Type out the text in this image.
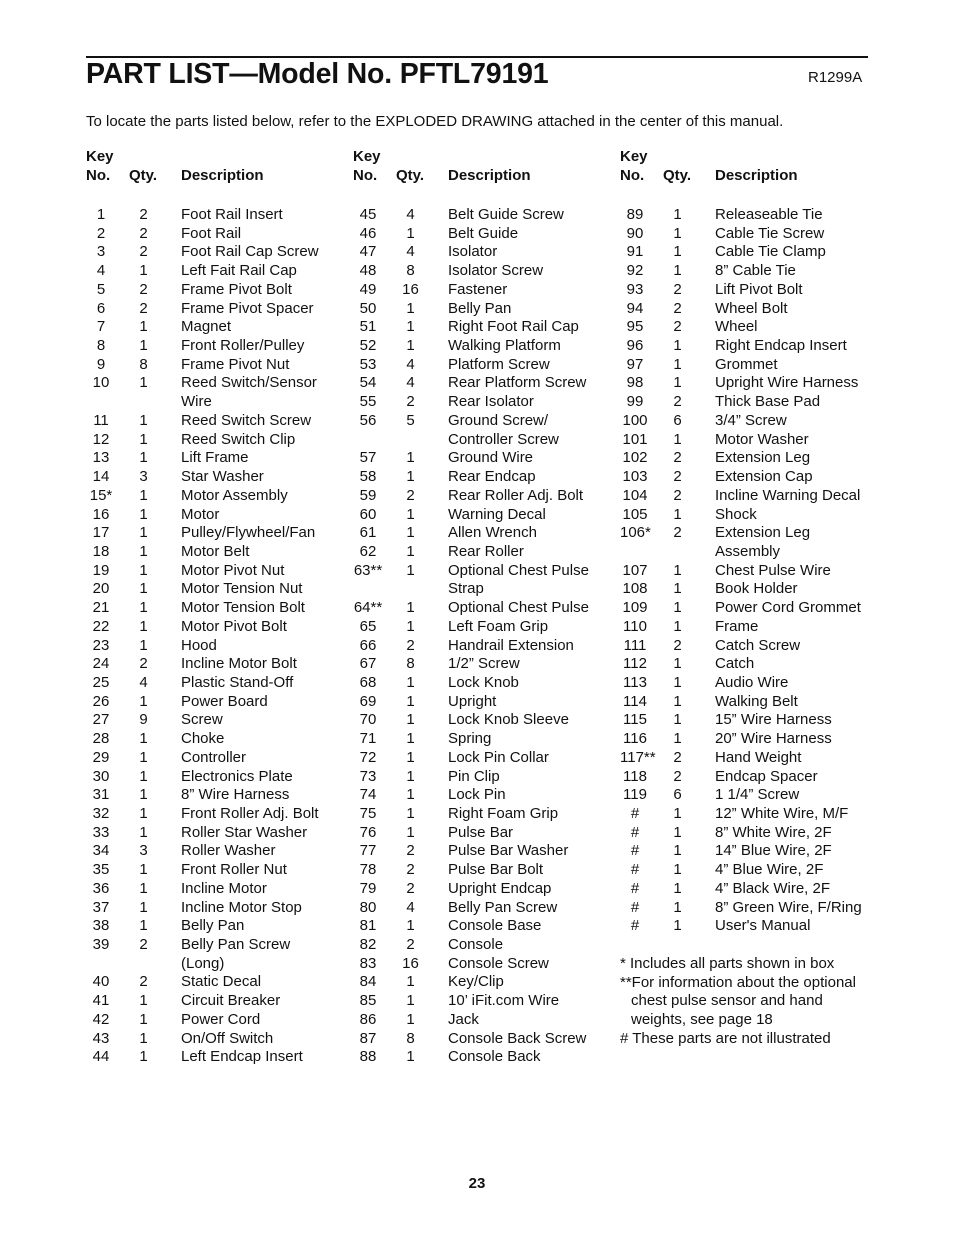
PART LIST—Model No. PFTL79191	R1299A
To locate the parts listed below, refer to the EXPLODED DRAWING attached in the center of this manual.
Key
No. Qty. Description
1	2	Foot Rail Insert
2	2	Foot Rail
3	2	Foot Rail Cap Screw
4	1	Left Fait Rail Cap
5	2	Frame Pivot Bolt
6	2	Frame Pivot Spacer
7	1	Magnet
8	1	Front Roller/Pulley
9	8	Frame Pivot Nut
10	1	Reed Switch/Sensor
Wire
11	1	Reed Switch Screw
12	1	Reed Switch Clip
13	1	Lift Frame
14	3	Star Washer
15*	1	Motor Assembly
16	1	Motor
17	1	Pulley/Flywheel/Fan
18	1	Motor Belt
19	1	Motor Pivot Nut
20	1	Motor Tension Nut
21	1	Motor Tension Bolt
22	1	Motor Pivot Bolt
23	1	Hood
24	2	Incline Motor Bolt
25	4	Plastic Stand-Off
26	1	Power Board
27	9	Screw
28	1	Choke
29	1	Controller
30	1	Electronics Plate
31	1	8” Wire Harness
32	1	Front Roller Adj. Bolt
33	1	Roller Star Washer
34	3	Roller Washer
35	1	Front Roller Nut
36	1	Incline Motor
37	1	Incline Motor Stop
38	1	Belly Pan
39	2	Belly Pan Screw
(Long)
40	2	Static Decal
41	1	Circuit Breaker
42	1	Power Cord
43	1	On/Off Switch
44	1	Left Endcap Insert
Key
No. Qty. Description
45	4	Belt Guide Screw
46	1	Belt Guide
47	4	Isolator
48	8	Isolator Screw
49	16 Fastener
50	1	Belly Pan
51	1	Right Foot Rail Cap
52	1	Walking Platform
53	4	Platform Screw
54	4	Rear Platform Screw
55	2	Rear Isolator
56	5	Ground Screw/
Controller Screw
57	1	Ground Wire
58	1	Rear Endcap
59	2	Rear Roller Adj. Bolt
60	1	Warning Decal
61	1	Allen Wrench
62	1	Rear Roller
63**	1	Optional Chest Pulse
Strap
64**	1	Optional Chest Pulse
65	1	Left Foam Grip
66	2	Handrail Extension
67	8	1/2” Screw
68	1	Lock Knob
69	1	Upright
70	1	Lock Knob Sleeve
71	1	Spring
72	1	Lock Pin Collar
73	1	Pin Clip
74	1	Lock Pin
75	1	Right Foam Grip
76	1	Pulse Bar
77	2	Pulse Bar Washer
78	2	Pulse Bar Bolt
79	2	Upright Endcap
80	4	Belly Pan Screw
81	1	Console Base
82	2	Console
83	16 Console Screw
84	1	Key/Clip
85	1	10’ iFit.com Wire
86	1	Jack
87	8	Console Back Screw
88	1	Console Back
Key
No. Qty. Description
89	1	Releaseable Tie
90	1	Cable Tie Screw
91	1	Cable Tie Clamp
92	1	8” Cable Tie
93	2	Lift Pivot Bolt
94	2	Wheel Bolt
95	2	Wheel
96	1	Right Endcap Insert
97	1	Grommet
98	1	Upright Wire Harness
99	2	Thick Base Pad
100	6	3/4” Screw
101	1	Motor Washer
102	2	Extension Leg
103	2	Extension Cap
104	2	Incline Warning Decal
105	1	Shock
106*	2	Extension Leg
Assembly
107	1	Chest Pulse Wire
108	1	Book Holder
109	1	Power Cord Grommet
110	1	Frame
111	2	Catch Screw
112	1	Catch
113	1	Audio Wire
114	1	Walking Belt
115	1	15” Wire Harness
116	1	20” Wire Harness
117**	2	Hand Weight
118	2	Endcap Spacer
119	6	1 1/4” Screw
#	1	12” White Wire, M/F
#	1	8” White Wire, 2F
#	1	14” Blue Wire, 2F
#	1	4” Blue Wire, 2F
#	1	4” Black Wire, 2F
#	1	8” Green Wire, F/Ring
#	1	User's Manual
* Includes all parts shown in box
**For information about the optional
chest pulse sensor and hand
weights, see page 18
# These parts are not illustrated
23
